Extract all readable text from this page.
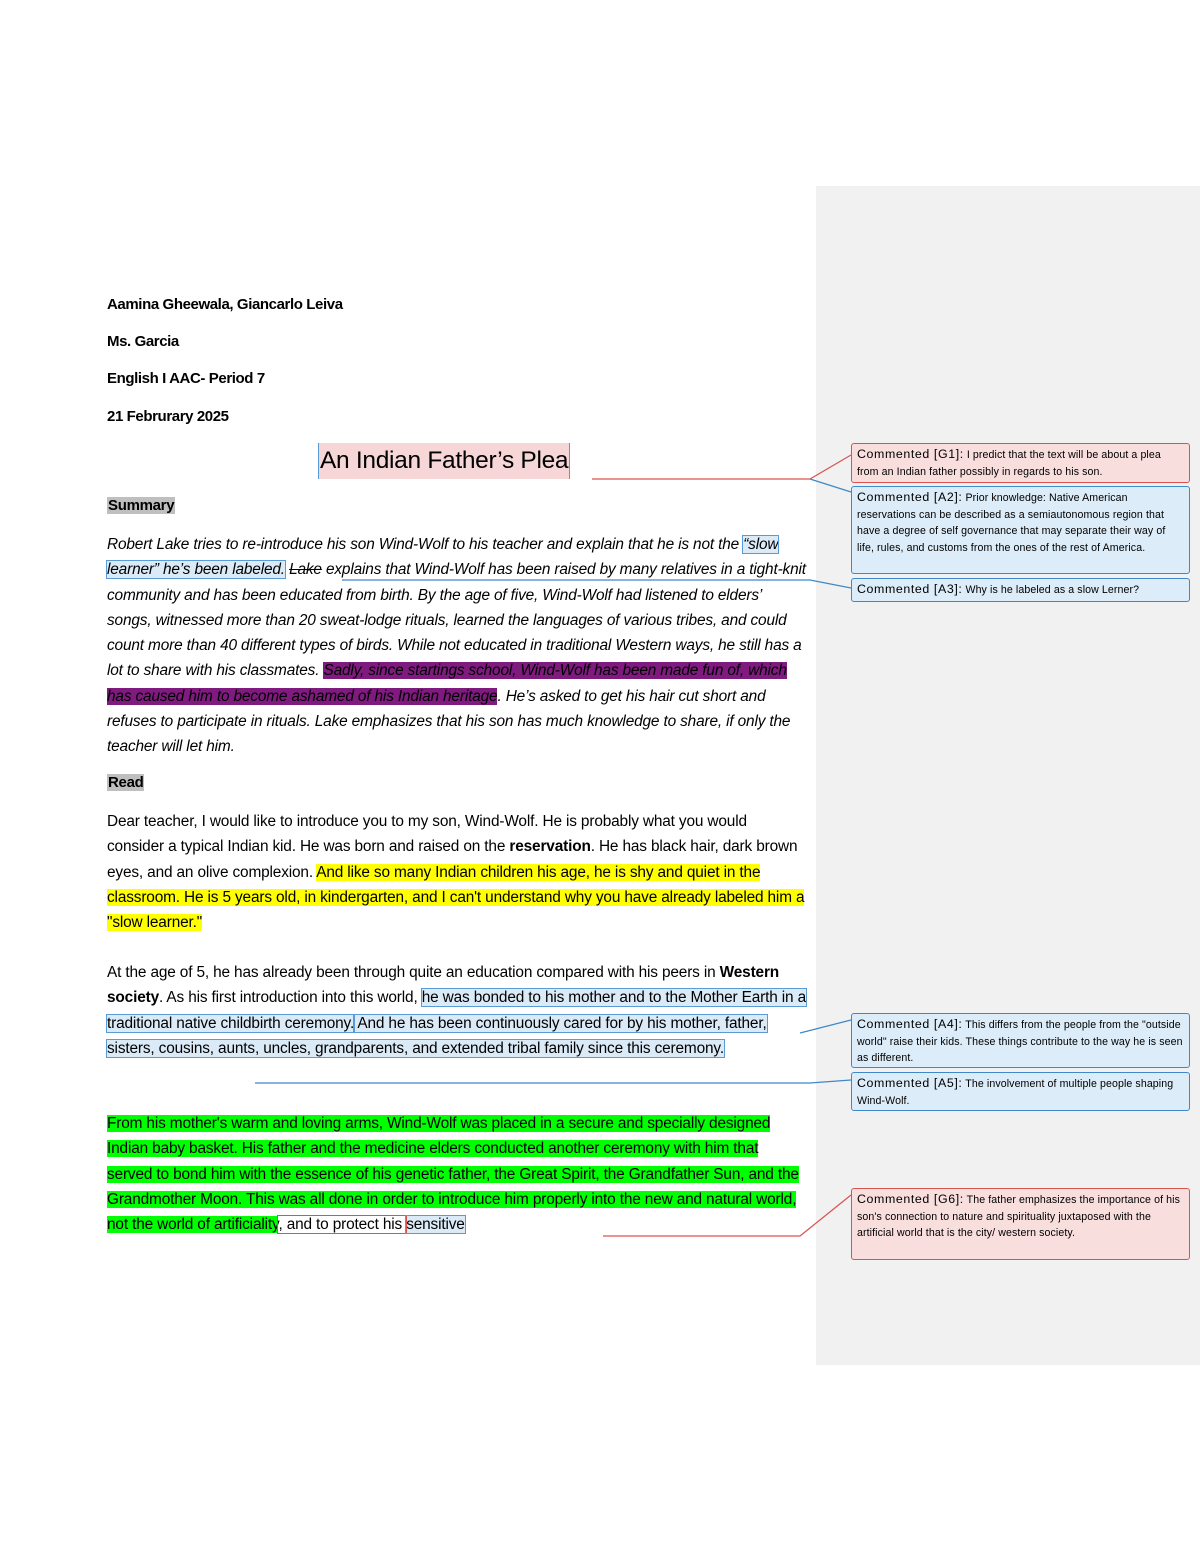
Aamina Gheewala, Giancarlo Leiva
Ms. Garcia
English I AAC- Period 7
21 Februrary 2025
An Indian Father’s Plea
Summary
Robert Lake tries to re-introduce his son Wind-Wolf to his teacher and explain that he is not the “slow learner” he’s been labeled. Lake explains that Wind-Wolf has been raised by many relatives in a tight-knit community and has been educated from birth. By the age of five, Wind-Wolf had listened to elders’ songs, witnessed more than 20 sweat-lodge rituals, learned the languages of various tribes, and could count more than 40 different types of birds. While not educated in traditional Western ways, he still has a lot to share with his classmates. Sadly, since startings school, Wind-Wolf has been made fun of, which has caused him to become ashamed of his Indian heritage. He’s asked to get his hair cut short and refuses to participate in rituals. Lake emphasizes that his son has much knowledge to share, if only the teacher will let him.
Read
Dear teacher, I would like to introduce you to my son, Wind-Wolf. He is probably what you would consider a typical Indian kid. He was born and raised on the reservation. He has black hair, dark brown eyes, and an olive complexion. And like so many Indian children his age, he is shy and quiet in the classroom. He is 5 years old, in kindergarten, and I can't understand why you have already labeled him a "slow learner."
At the age of 5, he has already been through quite an education compared with his peers in Western society. As his first introduction into this world, he was bonded to his mother and to the Mother Earth in a traditional native childbirth ceremony. And he has been continuously cared for by his mother, father, sisters, cousins, aunts, uncles, grandparents, and extended tribal family since this ceremony.
From his mother's warm and loving arms, Wind-Wolf was placed in a secure and specially designed Indian baby basket. His father and the medicine elders conducted another ceremony with him that served to bond him with the essence of his genetic father, the Great Spirit, the Grandfather Sun, and the Grandmother Moon. This was all done in order to introduce him properly into the new and natural world, not the world of artificiality, and to protect his sensitive
Commented [G1]: I predict that the text will be about a plea from an Indian father possibly in regards to his son.
Commented [A2]: Prior knowledge: Native American reservations can be described as a semiautonomous region that have a degree of self governance that may separate their way of life, rules, and customs from the ones of the rest of America.
Commented [A3]: Why is he labeled as a slow Lerner?
Commented [A4]: This differs from the people from the "outside world" raise their kids. These things contribute to the way he is seen as different.
Commented [A5]: The involvement of multiple people shaping Wind-Wolf.
Commented [G6]: The father emphasizes the importance of his son's connection to nature and spirituality juxtaposed with the artificial world that is the city/ western society.
